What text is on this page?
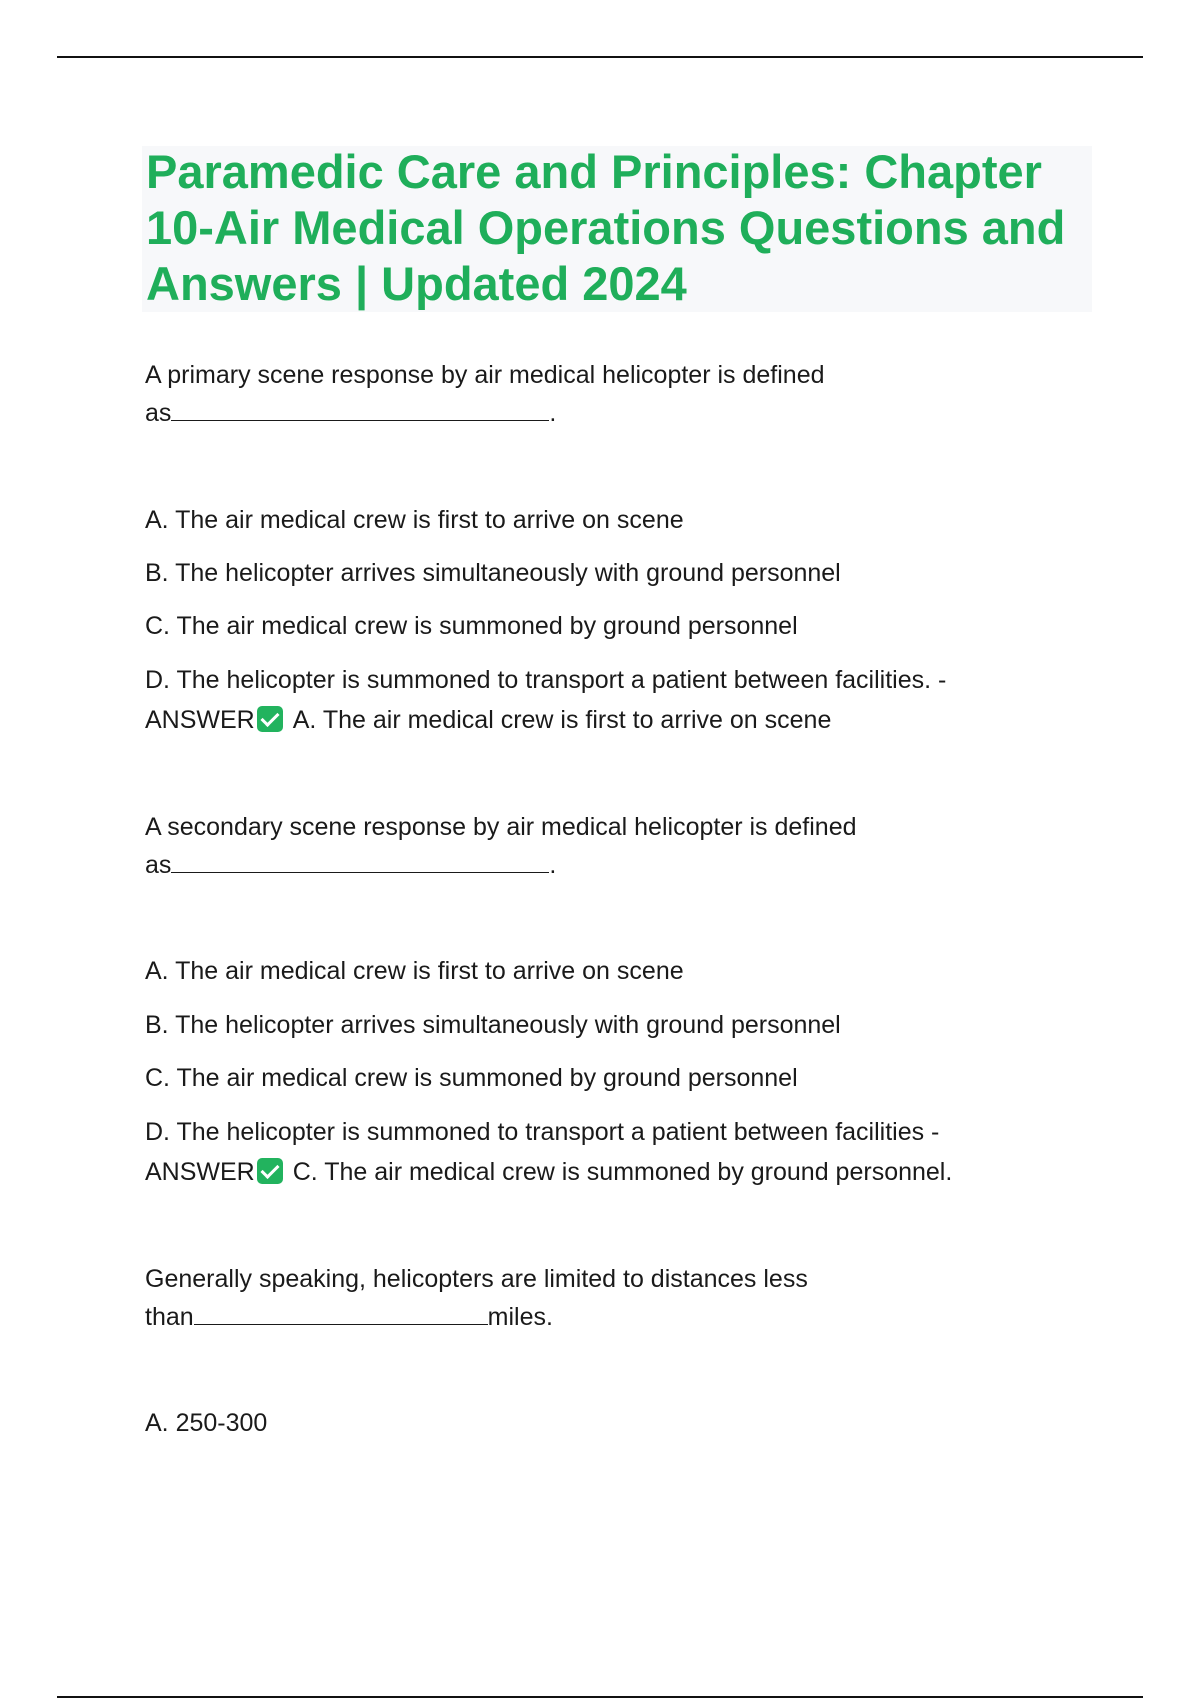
Paramedic Care and Principles: Chapter 10-Air Medical Operations Questions and Answers | Updated 2024
A primary scene response by air medical helicopter is defined
as	.
A. The air medical crew is first to arrive on scene
B. The helicopter arrives simultaneously with ground personnel
C. The air medical crew is summoned by ground personnel
D. The helicopter is summoned to transport a patient between facilities. -
ANSWER A. The air medical crew is first to arrive on scene
A secondary scene response by air medical helicopter is defined
as	.
A. The air medical crew is first to arrive on scene
B. The helicopter arrives simultaneously with ground personnel
C. The air medical crew is summoned by ground personnel
D. The helicopter is summoned to transport a patient between facilities -
ANSWER C. The air medical crew is summoned by ground personnel.
Generally speaking, helicopters are limited to distances less
than	miles.
A. 250-300
